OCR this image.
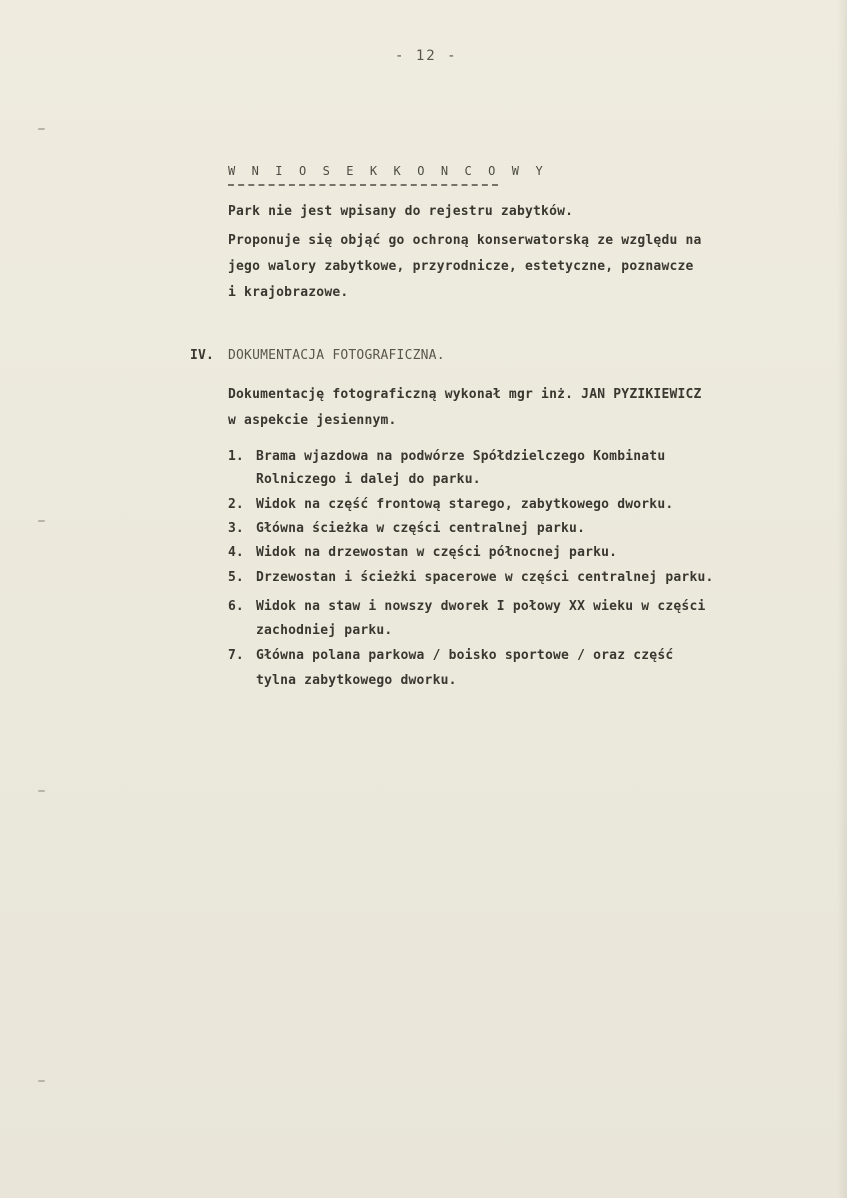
- 12 -
W N I O S E K K O N C O W Y
Park nie jest wpisany do rejestru zabytków.
Proponuje się objąć go ochroną konserwatorską ze względu na
jego walory zabytkowe, przyrodnicze, estetyczne, poznawcze
i krajobrazowe.
IV. DOKUMENTACJA FOTOGRAFICZNA.
Dokumentację fotograficzną wykonał mgr inż. JAN PYZIKIEWICZ
w aspekcie jesiennym.
1. Brama wjazdowa na podwórze Spółdzielczego Kombinatu
Rolniczego i dalej do parku.
2. Widok na część frontową starego, zabytkowego dworku.
3. Główna ścieżka w części centralnej parku.
4. Widok na drzewostan w części północnej parku.
5. Drzewostan i ścieżki spacerowe w części centralnej parku.
6. Widok na staw i nowszy dworek I połowy XX wieku w części
zachodniej parku.
7. Główna polana parkowa / boisko sportowe / oraz część
tylna zabytkowego dworku.
